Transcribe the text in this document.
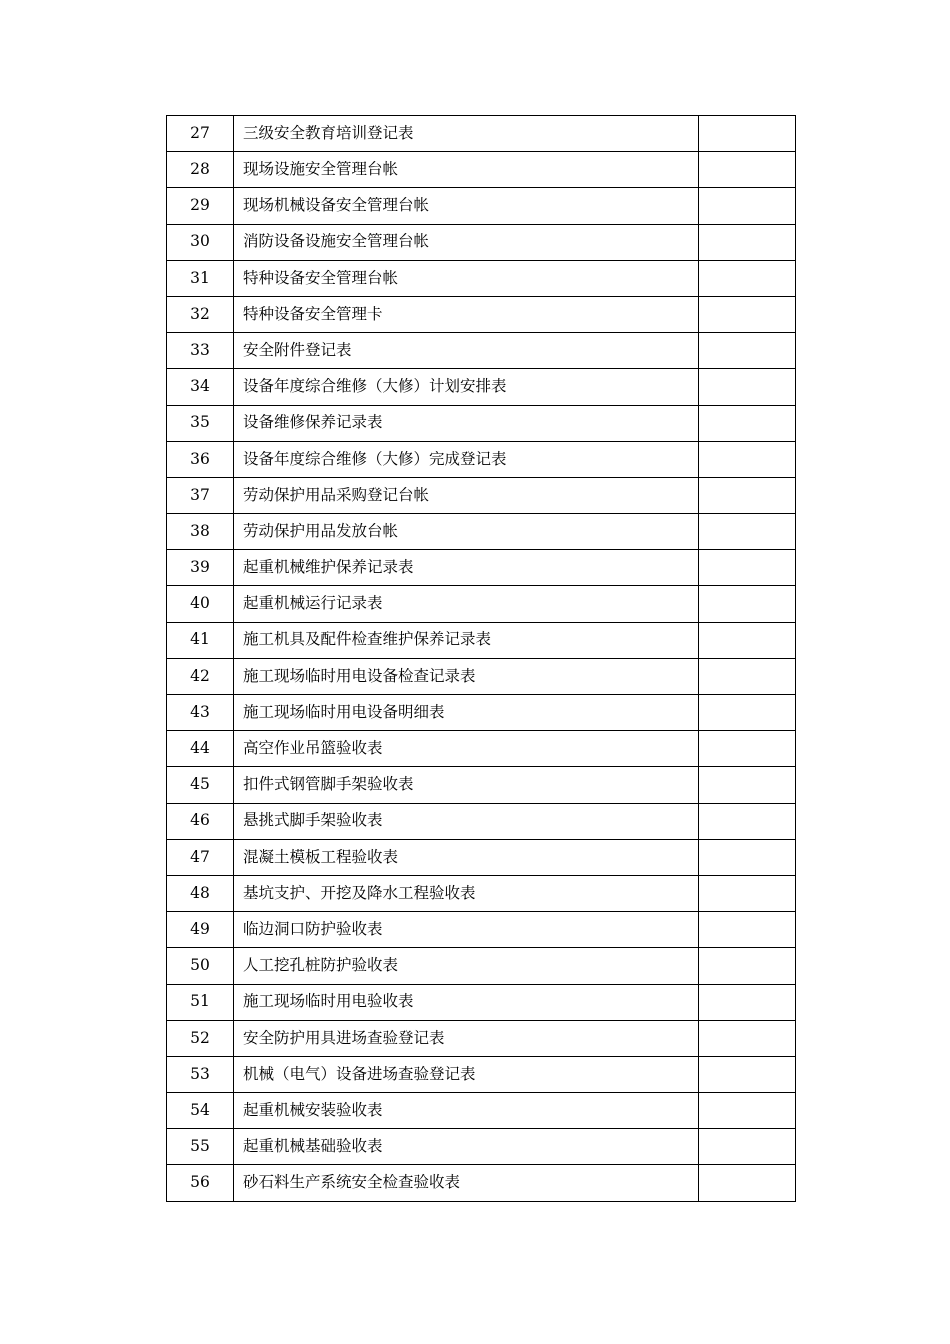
27	三级安全教育培训登记表	
28	现场设施安全管理台帐	
29	现场机械设备安全管理台帐	
30	消防设备设施安全管理台帐	
31	特种设备安全管理台帐	
32	特种设备安全管理卡	
33	安全附件登记表	
34	设备年度综合维修（大修）计划安排表	
35	设备维修保养记录表	
36	设备年度综合维修（大修）完成登记表	
37	劳动保护用品采购登记台帐	
38	劳动保护用品发放台帐	
39	起重机械维护保养记录表	
40	起重机械运行记录表	
41	施工机具及配件检查维护保养记录表	
42	施工现场临时用电设备检查记录表	
43	施工现场临时用电设备明细表	
44	高空作业吊篮验收表	
45	扣件式钢管脚手架验收表	
46	悬挑式脚手架验收表	
47	混凝土模板工程验收表	
48	基坑支护、开挖及降水工程验收表	
49	临边洞口防护验收表	
50	人工挖孔桩防护验收表	
51	施工现场临时用电验收表	
52	安全防护用具进场查验登记表	
53	机械（电气）设备进场查验登记表	
54	起重机械安装验收表	
55	起重机械基础验收表	
56	砂石料生产系统安全检查验收表	
